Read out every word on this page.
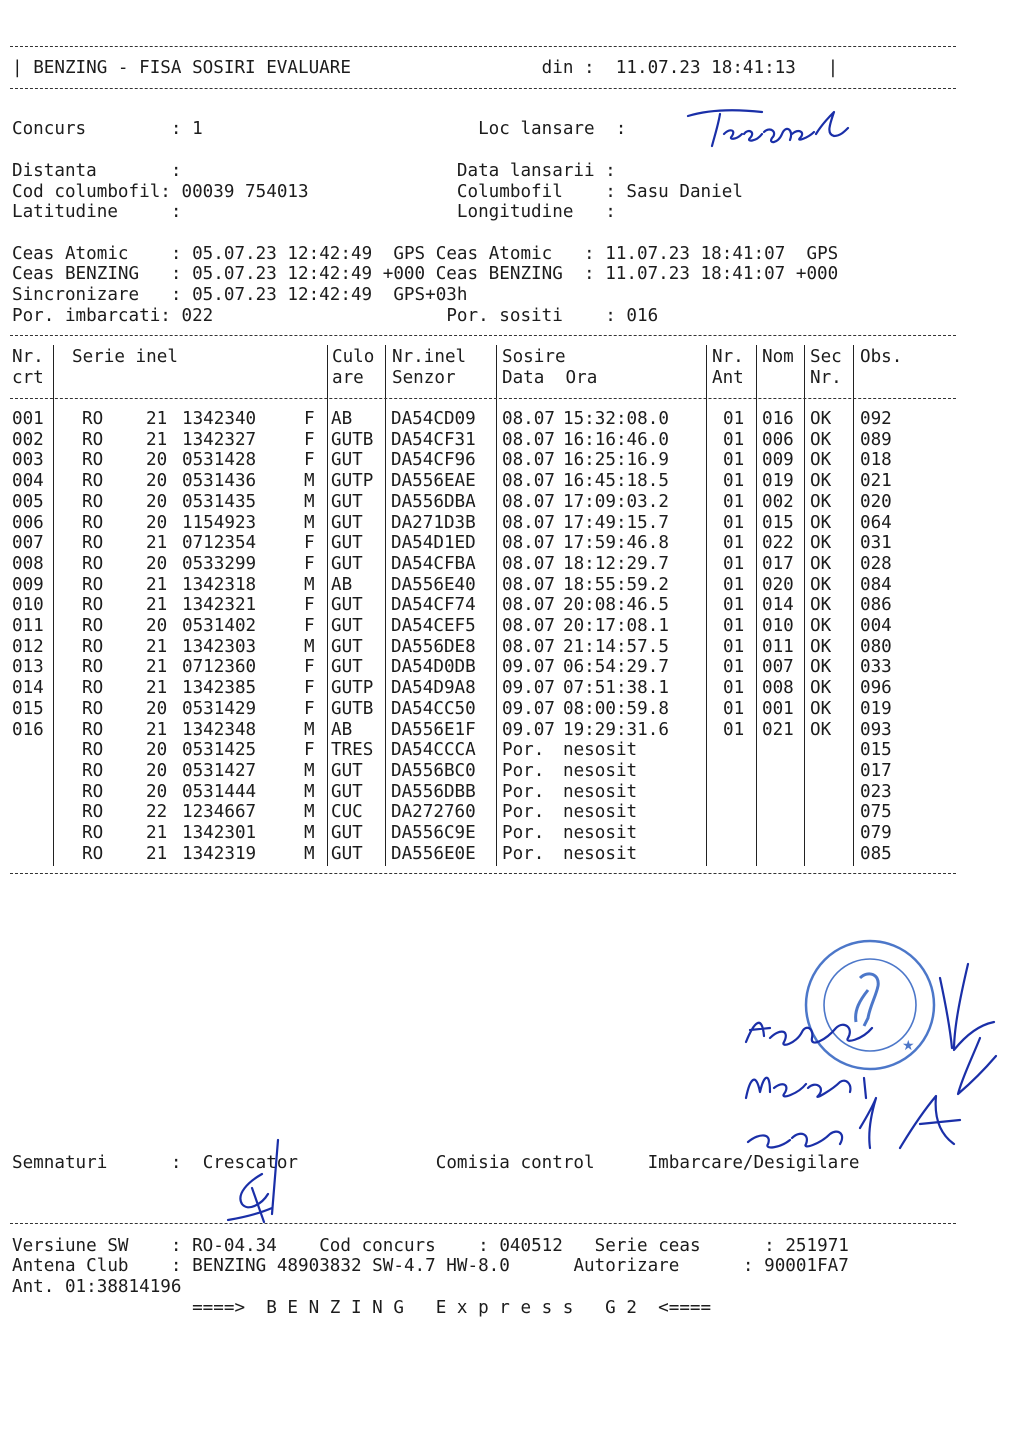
| BENZING - FISA SOSIRI EVALUARE	din : 11.07.23 18:41:13   |
Concurs        : 1	Loc lansare  :
Distanta       :                          Data lansarii :
Cod columbofil: 00039 754013	Columbofil    : Sasu Daniel
Latitudine     :                          Longitudine   :
Ceas Atomic    : 05.07.23 12:42:49 GPS Ceas Atomic   : 11.07.23 18:41:07 GPS
Ceas BENZING   : 05.07.23 12:42:49 +000 Ceas BENZING  : 11.07.23 18:41:07 +000
Sincronizare   : 05.07.23 12:42:49 GPS+03h
Por. imbarcati: 022	Por. sositi    : 016
Nr. Serie inel	Culo Nr.inel Sosire	Nr. Nom Sec Obs.
crt	are Senzor	Data  Ora	Ant	Nr.
001 RO 21 1342340	F AB DA54CD09 08.07 15:32:08.0	01 016 OK 092
002 RO 21 1342327	F GUTB DA54CF31 08.07 16:16:46.0	01 006 OK 089
003 RO 20 0531428	F GUT DA54CF96 08.07 16:25:16.9	01 009 OK 018
004 RO 20 0531436	M GUTP DA556EAE 08.07 16:45:18.5	01 019 OK 021
005 RO 20 0531435	M GUT DA556DBA 08.07 17:09:03.2	01 002 OK 020
006 RO 20 1154923	M GUT DA271D3B 08.07 17:49:15.7	01 015 OK 064
007 RO 21 0712354	F GUT DA54D1ED 08.07 17:59:46.8	01 022 OK 031
008 RO 20 0533299	F GUT DA54CFBA 08.07 18:12:29.7	01 017 OK 028
009 RO 21 1342318	M AB DA556E40 08.07 18:55:59.2	01 020 OK 084
010 RO 21 1342321	F GUT DA54CF74 08.07 20:08:46.5	01 014 OK 086
011 RO 20 0531402	F GUT DA54CEF5 08.07 20:17:08.1	01 010 OK 004
012 RO 21 1342303	M GUT DA556DE8 08.07 21:14:57.5	01 011 OK 080
013 RO 21 0712360	F GUT DA54D0DB 09.07 06:54:29.7	01 007 OK 033
014 RO 21 1342385	F GUTP DA54D9A8 09.07 07:51:38.1	01 008 OK 096
015 RO 20 0531429	F GUTB DA54CC50 09.07 08:00:59.8	01 001 OK 019
016 RO 21 1342348	M AB DA556E1F 09.07 19:29:31.6	01 021 OK 093
RO 20 0531425	F TRES DA54CCCA Por. nesosit	015
RO 20 0531427	M GUT DA556BC0 Por. nesosit	017
RO 20 0531444	M GUT DA556DBB Por. nesosit	023
RO 22 1234667	M CUC DA272760 Por. nesosit	075
RO 21 1342301	M GUT DA556C9E Por. nesosit	079
RO 21 1342319	M GUT DA556E0E Por. nesosit	085
★
Semnaturi      :  Crescator	Comisia control	Imbarcare/Desigilare
Versiune SW    : RO-04.34 Cod concurs    : 040512 Serie ceas      : 251971
Antena Club    : BENZING 48903832 SW-4.7 HW-8.0	Autorizare      : 90001FA7
Ant. 01:38814196
====>  B E N Z I N G   E x p r e s s   G 2  <====
